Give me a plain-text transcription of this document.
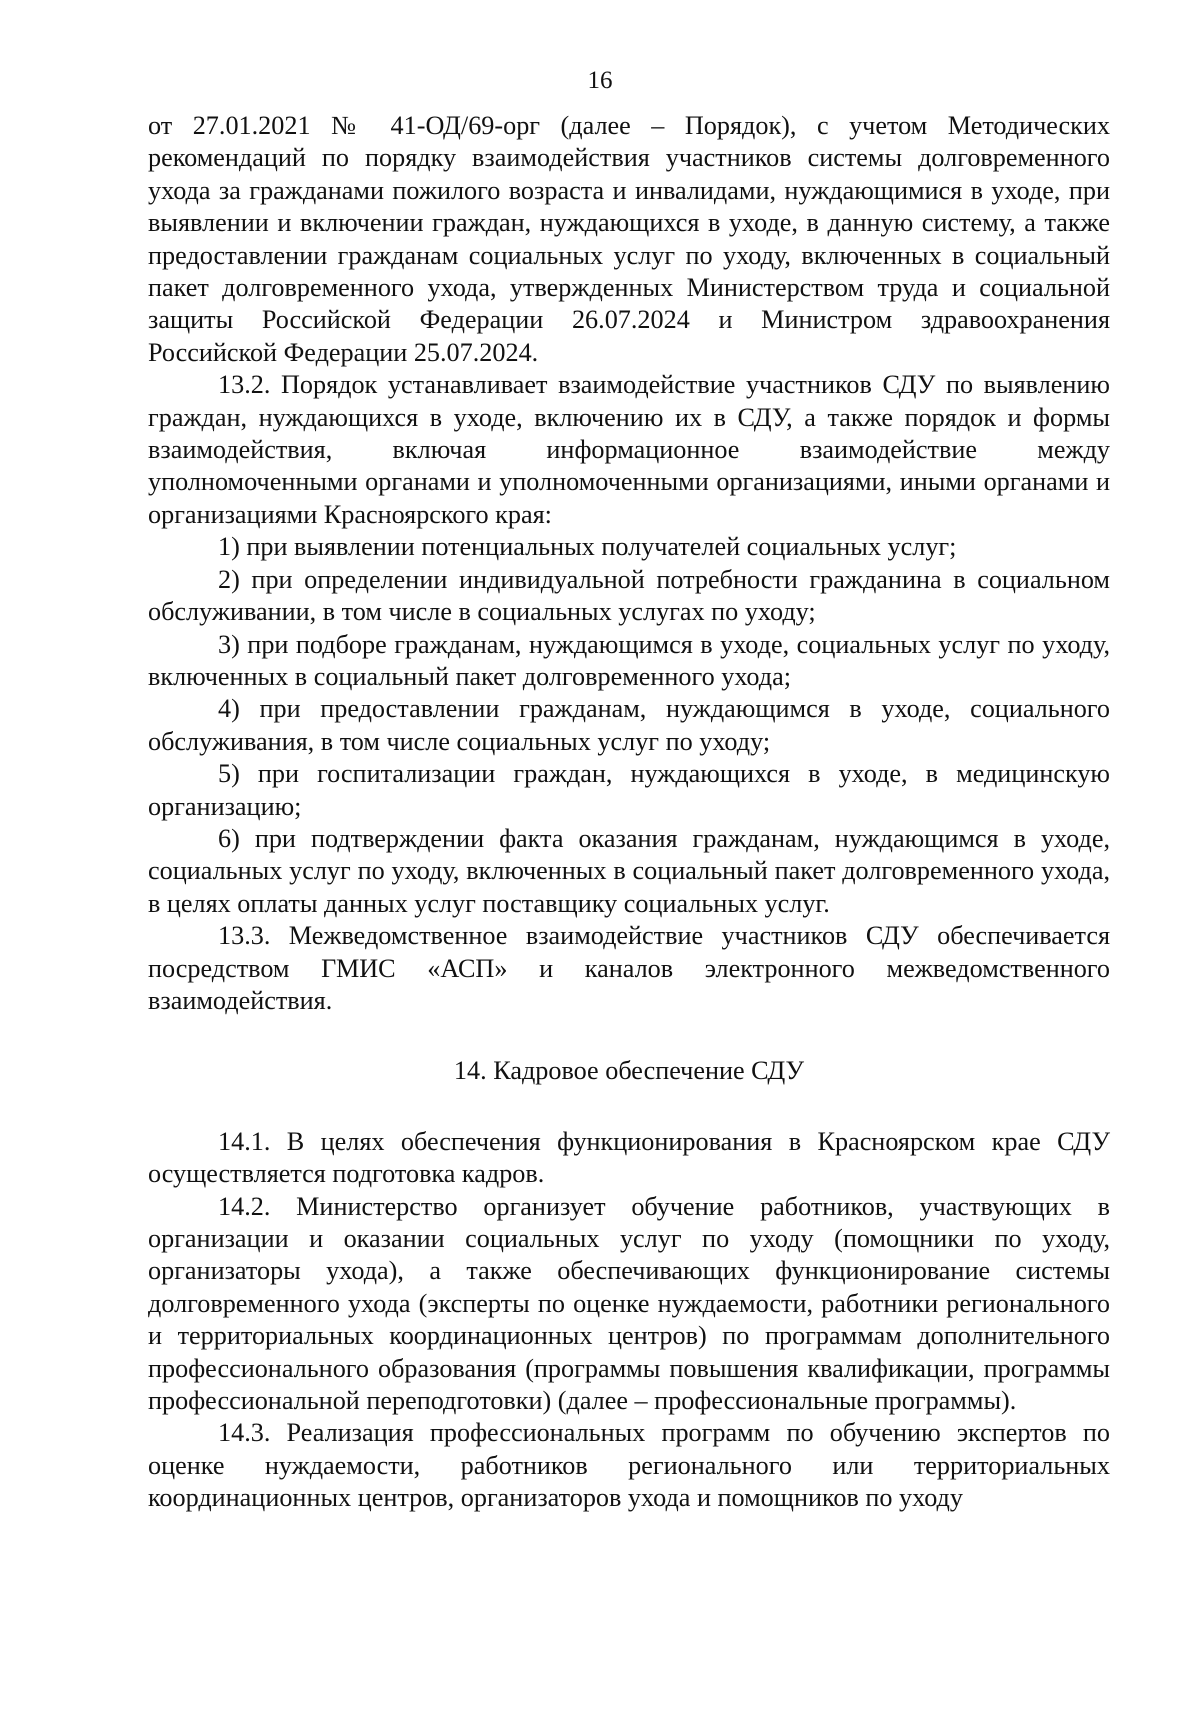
16

от 27.01.2021 № 41-ОД/69-орг (далее – Порядок), с учетом Методических рекомендаций по порядку взаимодействия участников системы долговременного ухода за гражданами пожилого возраста и инвалидами, нуждающимися в уходе, при выявлении и включении граждан, нуждающихся в уходе, в данную систему, а также предоставлении гражданам социальных услуг по уходу, включенных в социальный пакет долговременного ухода, утвержденных Министерством труда и социальной защиты Российской Федерации 26.07.2024 и Министром здравоохранения Российской Федерации 25.07.2024.

13.2. Порядок устанавливает взаимодействие участников СДУ по выявлению граждан, нуждающихся в уходе, включению их в СДУ, а также порядок и формы взаимодействия, включая информационное взаимодействие между уполномоченными органами и уполномоченными организациями, иными органами и организациями Красноярского края:

1) при выявлении потенциальных получателей социальных услуг;

2) при определении индивидуальной потребности гражданина в социальном обслуживании, в том числе в социальных услугах по уходу;

3) при подборе гражданам, нуждающимся в уходе, социальных услуг по уходу, включенных в социальный пакет долговременного ухода;

4) при предоставлении гражданам, нуждающимся в уходе, социального обслуживания, в том числе социальных услуг по уходу;

5) при госпитализации граждан, нуждающихся в уходе, в медицинскую организацию;

6) при подтверждении факта оказания гражданам, нуждающимся в уходе, социальных услуг по уходу, включенных в социальный пакет долговременного ухода, в целях оплаты данных услуг поставщику социальных услуг.

13.3. Межведомственное взаимодействие участников СДУ обеспечивается посредством ГМИС «АСП» и каналов электронного межведомственного взаимодействия.

14. Кадровое обеспечение СДУ

14.1. В целях обеспечения функционирования в Красноярском крае СДУ осуществляется подготовка кадров.

14.2. Министерство организует обучение работников, участвующих в организации и оказании социальных услуг по уходу (помощники по уходу, организаторы ухода), а также обеспечивающих функционирование системы долговременного ухода (эксперты по оценке нуждаемости, работники регионального и территориальных координационных центров) по программам дополнительного профессионального образования (программы повышения квалификации, программы профессиональной переподготовки) (далее – профессиональные программы).

14.3. Реализация профессиональных программ по обучению экспертов по оценке нуждаемости, работников регионального или территориальных координационных центров, организаторов ухода и помощников по уходу
